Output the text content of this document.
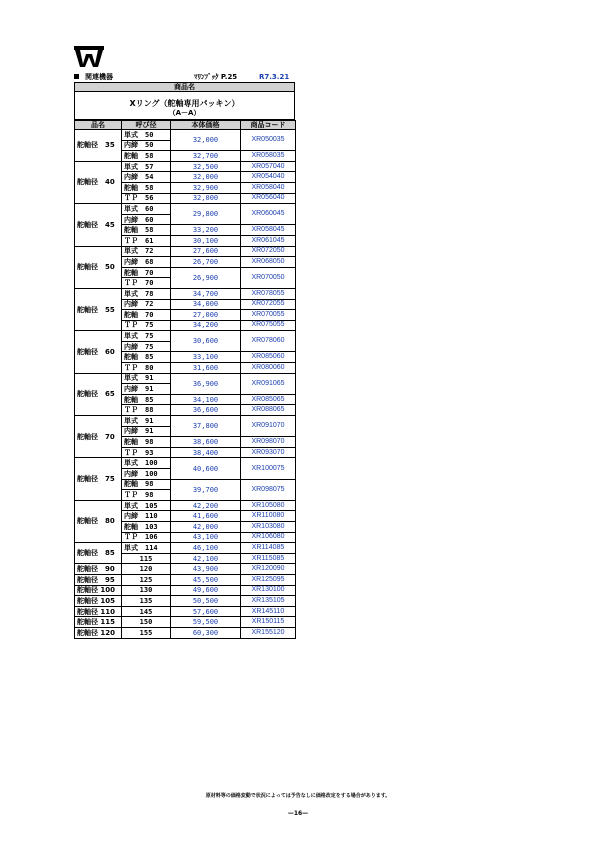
関連機器	ﾏﾘﾝﾌﾞｯｸ P.25	R7.3.21
商品名
Xリング（舵軸専用パッキン）
（A－A）
品名	呼び径	本体価格	商品コード
舵軸径　35	単式　50	32,000	XR050035
	内締　50		
	舵軸　58	32,700	XR058035
舵軸径　40	単式　57	32,500	XR057040
	内締　54	32,000	XR054040
	舵軸　58	32,900	XR058040
	ＴＰ　56	32,000	XR056040
舵軸径　45	単式　60	29,800	XR060045
	内締　60		
	舵軸　58	33,200	XR058045
	ＴＰ　61	30,100	XR061045
舵軸径　50	単式　72	27,600	XR072050
	内締　68	26,700	XR068050
	舵軸　70	26,900	XR070050
	ＴＰ　70		
舵軸径　55	単式　78	34,700	XR078055
	内締　72	34,000	XR072055
	舵軸　70	27,000	XR070055
	ＴＰ　75	34,200	XR075055
舵軸径　60	単式　75	30,600	XR078060
	内締　75		
	舵軸　85	33,100	XR085060
	ＴＰ　80	31,600	XR080060
舵軸径　65	単式　91	36,900	XR091065
	内締　91		
	舵軸　85	34,100	XR085065
	ＴＰ　88	36,600	XR088065
舵軸径　70	単式　91	37,800	XR091070
	内締　91		
	舵軸　98	38,600	XR098070
	ＴＰ　93	38,400	XR093070
舵軸径　75	単式　100	40,600	XR100075
	内締　100		
	舵軸　98	39,700	XR098075
	ＴＰ　98		
舵軸径　80	単式　105	42,200	XR105080
	内締　110	41,600	XR110080
	舵軸　103	42,000	XR103080
	ＴＰ　106	43,100	XR106080
舵軸径　85	単式　114	46,100	XR114085
	115	42,100	XR115085
舵軸径　90	120	43,900	XR120090
舵軸径　95	125	45,500	XR125095
舵軸径 100	130	49,600	XR130100
舵軸径 105	135	50,500	XR135105
舵軸径 110	145	57,600	XR145110
舵軸径 115	150	59,500	XR150115
舵軸径 120	155	60,300	XR155120
原材料等の価格変動で状況によっては予告なしに価格改定をする場合があります。
—16—
